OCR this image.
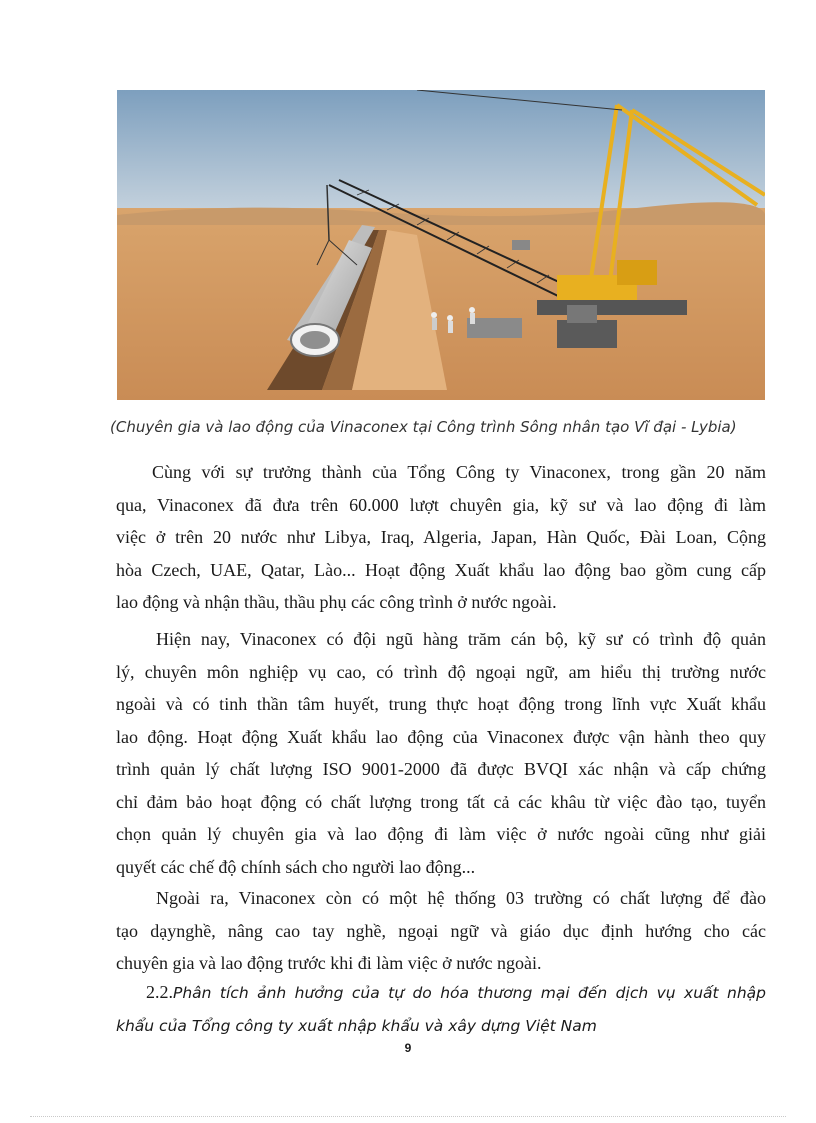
(Chuyên gia và lao động của Vinaconex tại Công trình Sông nhân tạo Vĩ đại - Lybia)
Cùng với sự trưởng thành của Tổng Công ty Vinaconex, trong gần 20 năm
qua, Vinaconex đã đưa trên 60.000 lượt chuyên gia, kỹ sư và lao động đi làm
việc ở trên 20 nước như Libya, Iraq, Algeria, Japan, Hàn Quốc, Đài Loan, Cộng
hòa Czech, UAE, Qatar, Lào... Hoạt động Xuất khẩu lao động bao gồm cung cấp
lao động và nhận thầu, thầu phụ các công trình ở nước ngoài.
Hiện nay, Vinaconex có đội ngũ hàng trăm cán bộ, kỹ sư có trình độ quản
lý, chuyên môn nghiệp vụ cao, có trình độ ngoại ngữ, am hiểu thị trường nước
ngoài và có tinh thần tâm huyết, trung thực hoạt động trong lĩnh vực Xuất khẩu
lao động. Hoạt động Xuất khẩu lao động của Vinaconex được vận hành theo quy
trình quản lý chất lượng ISO 9001-2000 đã được BVQI xác nhận và cấp chứng
chỉ đảm bảo hoạt động có chất lượng trong tất cả các khâu từ việc đào tạo, tuyển
chọn quản lý chuyên gia và lao động đi làm việc ở nước ngoài cũng như giải
quyết các chế độ chính sách cho người lao động...
Ngoài ra, Vinaconex còn có một hệ thống 03 trường có chất lượng để đào
tạo dạynghề, nâng cao tay nghề, ngoại ngữ và giáo dục định hướng cho các
chuyên gia và lao động trước khi đi làm việc ở nước ngoài.
2.2.Phân tích ảnh hưởng của tự do hóa thương mại đến dịch vụ xuất nhập
khẩu của Tổng công ty xuất nhập khẩu và xây dựng Việt Nam
9
